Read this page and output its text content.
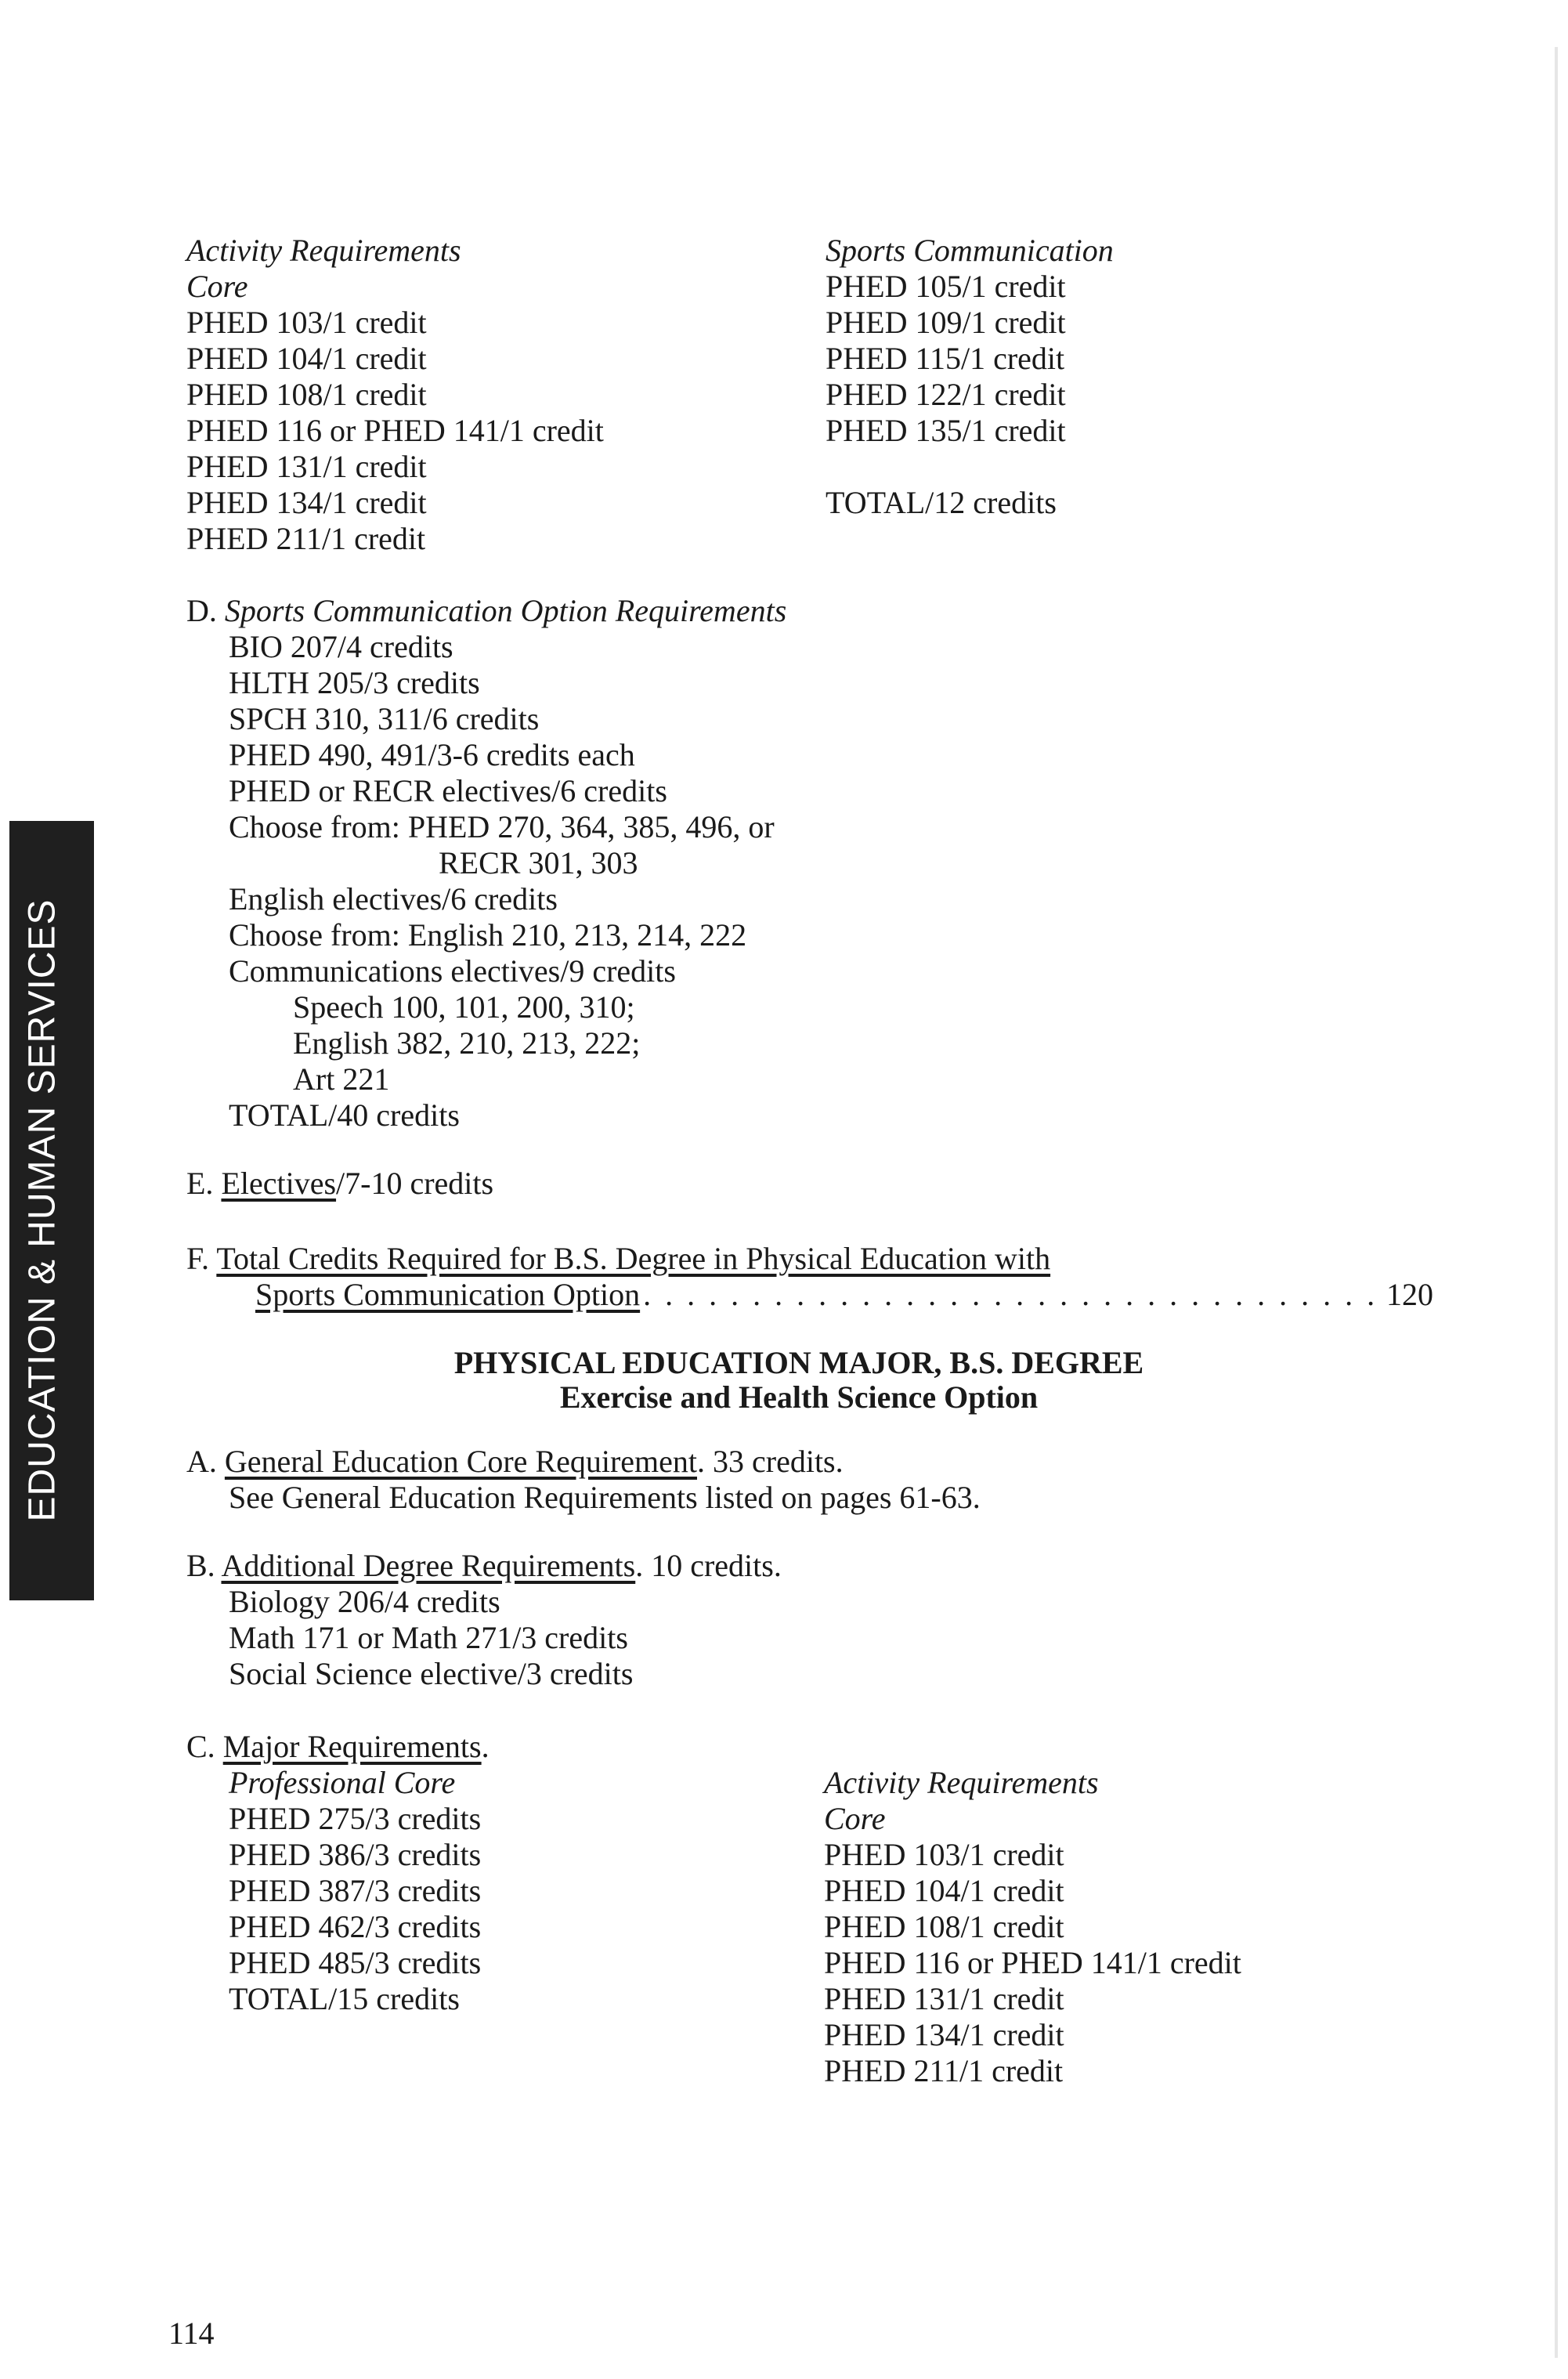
EDUCATION & HUMAN SERVICES
Activity Requirements
Core
PHED 103/1 credit
PHED 104/1 credit
PHED 108/1 credit
PHED 116 or PHED 141/1 credit
PHED 131/1 credit
PHED 134/1 credit
PHED 211/1 credit
Sports Communication
PHED 105/1 credit
PHED 109/1 credit
PHED 115/1 credit
PHED 122/1 credit
PHED 135/1 credit
TOTAL/12 credits
D. Sports Communication Option Requirements
BIO 207/4 credits
HLTH 205/3 credits
SPCH 310, 311/6 credits
PHED 490, 491/3-6 credits each
PHED or RECR electives/6 credits
Choose from: PHED 270, 364, 385, 496, or
RECR 301, 303
English electives/6 credits
Choose from: English 210, 213, 214, 222
Communications electives/9 credits
Speech 100, 101, 200, 310;
English 382, 210, 213, 222;
Art 221
TOTAL/40 credits
E. Electives/7-10 credits
F. Total Credits Required for B.S. Degree in Physical Education with
Sports Communication Option
. . .	120
PHYSICAL EDUCATION MAJOR, B.S. DEGREE
Exercise and Health Science Option
A. General Education Core Requirement. 33 credits.
See General Education Requirements listed on pages 61-63.
B. Additional Degree Requirements. 10 credits.
Biology 206/4 credits
Math 171 or Math 271/3 credits
Social Science elective/3 credits
C. Major Requirements.
Professional Core
PHED 275/3 credits
PHED 386/3 credits
PHED 387/3 credits
PHED 462/3 credits
PHED 485/3 credits
TOTAL/15 credits
Activity Requirements
Core
PHED 103/1 credit
PHED 104/1 credit
PHED 108/1 credit
PHED 116 or PHED 141/1 credit
PHED 131/1 credit
PHED 134/1 credit
PHED 211/1 credit
114
